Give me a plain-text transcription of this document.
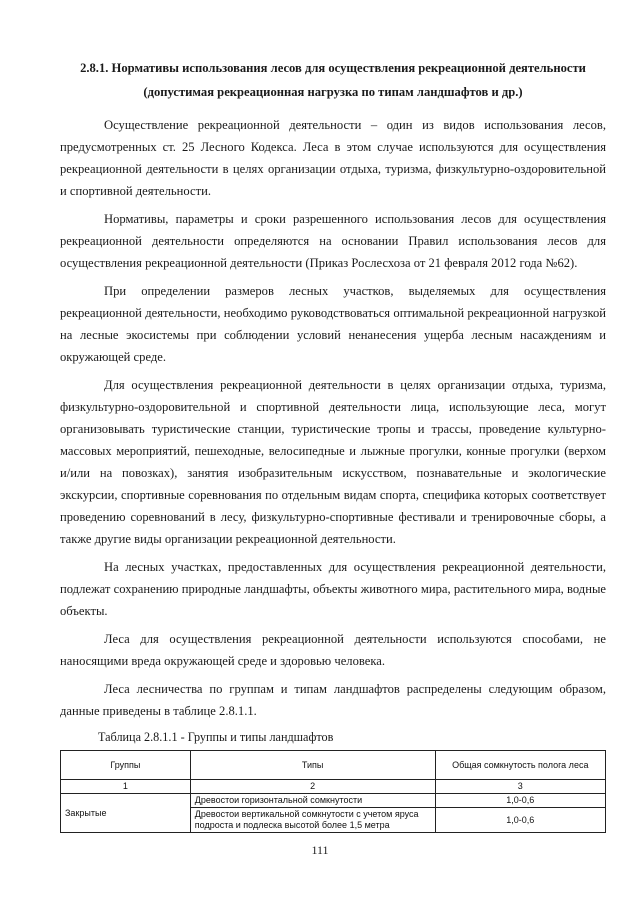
2.8.1. Нормативы использования лесов для осуществления рекреационной деятельности
(допустимая рекреационная нагрузка по типам ландшафтов и др.)

Осуществление рекреационной деятельности – один из видов использования лесов, предусмотренных ст. 25 Лесного Кодекса. Леса в этом случае используются для осуществления рекреационной деятельности в целях организации отдыха, туризма, физкультурно-оздоровительной и спортивной деятельности.

Нормативы, параметры и сроки разрешенного использования лесов для осуществления рекреационной деятельности определяются на основании Правил использования лесов для осуществления рекреационной деятельности (Приказ Рослесхоза от 21 февраля 2012 года №62).

При определении размеров лесных участков, выделяемых для осуществления рекреационной деятельности, необходимо руководствоваться оптимальной рекреационной нагрузкой на лесные экосистемы при соблюдении условий ненанесения ущерба лесным насаждениям и окружающей среде.

Для осуществления рекреационной деятельности в целях организации отдыха, туризма, физкультурно-оздоровительной и спортивной деятельности лица, использующие леса, могут организовывать туристические станции, туристические тропы и трассы, проведение культурно-массовых мероприятий, пешеходные, велосипедные и лыжные прогулки, конные прогулки (верхом и/или на повозках), занятия изобразительным искусством, познавательные и экологические экскурсии, спортивные соревнования по отдельным видам спорта, специфика которых соответствует проведению соревнований в лесу, физкультурно-спортивные фестивали и тренировочные сборы, а также другие виды организации рекреационной деятельности.

На лесных участках, предоставленных для осуществления рекреационной деятельности, подлежат сохранению природные ландшафты, объекты животного мира, растительного мира, водные объекты.

Леса для осуществления рекреационной деятельности используются способами, не наносящими вреда окружающей среде и здоровью человека.

Леса лесничества по группам и типам ландшафтов распределены следующим образом, данные приведены в таблице 2.8.1.1.

Таблица 2.8.1.1 - Группы и типы ландшафтов
Группы	Типы	Общая сомкнутость полога леса
1	2	3
Закрытые	Древостои горизонтальной сомкнутости	1,0-0,6
	Древостои вертикальной сомкнутости с учетом яруса подроста и подлеска высотой более 1,5 метра	1,0-0,6
111
